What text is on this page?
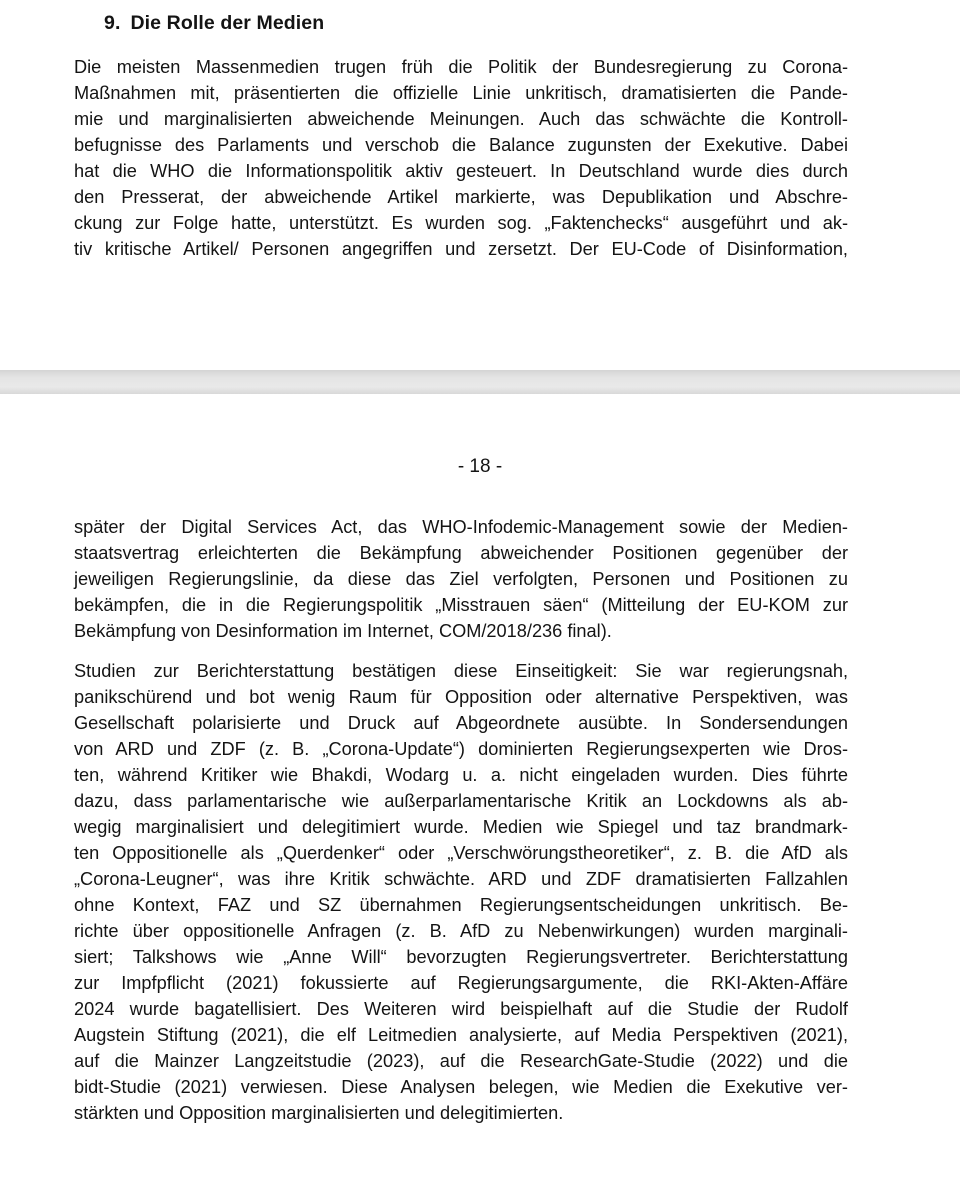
9. Die Rolle der Medien

Die meisten Massenmedien trugen früh die Politik der Bundesregierung zu Corona-

Maßnahmen mit, präsentierten die offizielle Linie unkritisch, dramatisierten die Pande-

mie und marginalisierten abweichende Meinungen. Auch das schwächte die Kontroll-

befugnisse des Parlaments und verschob die Balance zugunsten der Exekutive. Dabei

hat die WHO die Informationspolitik aktiv gesteuert. In Deutschland wurde dies durch

den Presserat, der abweichende Artikel markierte, was Depublikation und Abschre-

ckung zur Folge hatte, unterstützt. Es wurden sog. „Faktenchecks“ ausgeführt und ak-

tiv kritische Artikel/ Personen angegriffen und zersetzt. Der EU-Code of Disinformation,

- 18 -

später der Digital Services Act, das WHO-Infodemic-Management sowie der Medien-

staatsvertrag erleichterten die Bekämpfung abweichender Positionen gegenüber der

jeweiligen Regierungslinie, da diese das Ziel verfolgten, Personen und Positionen zu

bekämpfen, die in die Regierungspolitik „Misstrauen säen“ (Mitteilung der EU-KOM zur

Bekämpfung von Desinformation im Internet, COM/2018/236 final).

Studien zur Berichterstattung bestätigen diese Einseitigkeit: Sie war regierungsnah,

panikschürend und bot wenig Raum für Opposition oder alternative Perspektiven, was

Gesellschaft polarisierte und Druck auf Abgeordnete ausübte. In Sondersendungen

von ARD und ZDF (z. B. „Corona-Update“) dominierten Regierungsexperten wie Dros-

ten, während Kritiker wie Bhakdi, Wodarg u. a. nicht eingeladen wurden. Dies führte

dazu, dass parlamentarische wie außerparlamentarische Kritik an Lockdowns als ab-

wegig marginalisiert und delegitimiert wurde. Medien wie Spiegel und taz brandmark-

ten Oppositionelle als „Querdenker“ oder „Verschwörungstheoretiker“, z. B. die AfD als

„Corona-Leugner“, was ihre Kritik schwächte. ARD und ZDF dramatisierten Fallzahlen

ohne Kontext, FAZ und SZ übernahmen Regierungsentscheidungen unkritisch. Be-

richte über oppositionelle Anfragen (z. B. AfD zu Nebenwirkungen) wurden marginali-

siert; Talkshows wie „Anne Will“ bevorzugten Regierungsvertreter. Berichterstattung

zur Impfpflicht (2021) fokussierte auf Regierungsargumente, die RKI-Akten-Affäre

2024 wurde bagatellisiert. Des Weiteren wird beispielhaft auf die Studie der Rudolf

Augstein Stiftung (2021), die elf Leitmedien analysierte, auf Media Perspektiven (2021),

auf die Mainzer Langzeitstudie (2023), auf die ResearchGate-Studie (2022) und die

bidt-Studie (2021) verwiesen. Diese Analysen belegen, wie Medien die Exekutive ver-

stärkten und Opposition marginalisierten und delegitimierten.
